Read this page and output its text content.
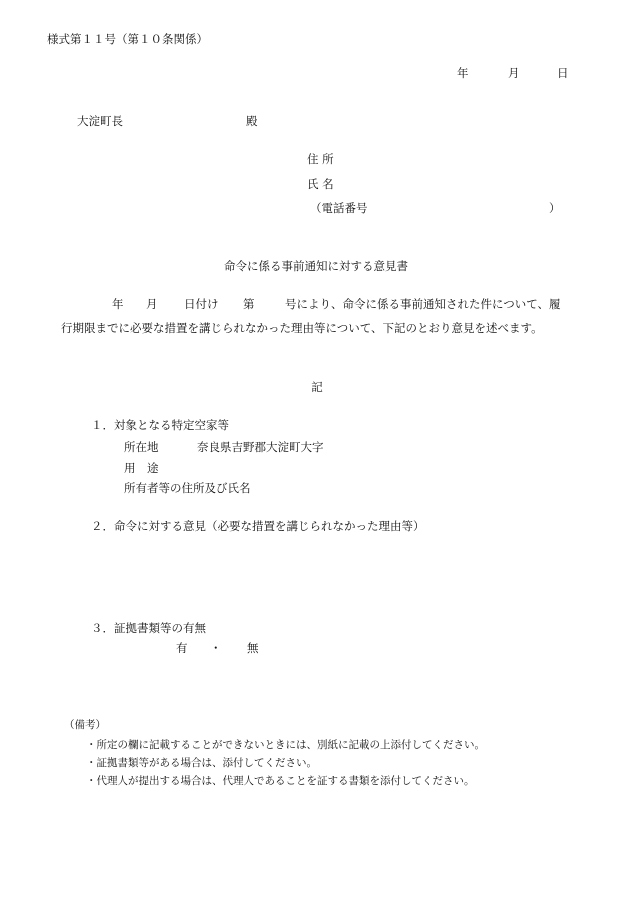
様式第１１号（第１０条関係）
年	月	日
大淀町長	殿
住 所
氏 名
（電話番号	）
命令に係る事前通知に対する意見書
年 月 日付け 第	号により、命令に係る事前通知された件について、履
行期限までに必要な措置を講じられなかった理由等について、下記のとおり意見を述べます。
記
１．対象となる特定空家等
所在地	奈良県吉野郡大淀町大字
用　途
所有者等の住所及び氏名
２．命令に対する意見（必要な措置を講じられなかった理由等）
３．証拠書類等の有無
有 ・ 無
（備考）
・所定の欄に記載することができないときには、別紙に記載の上添付してください。
・証拠書類等がある場合は、添付してください。
・代理人が提出する場合は、代理人であることを証する書類を添付してください。
